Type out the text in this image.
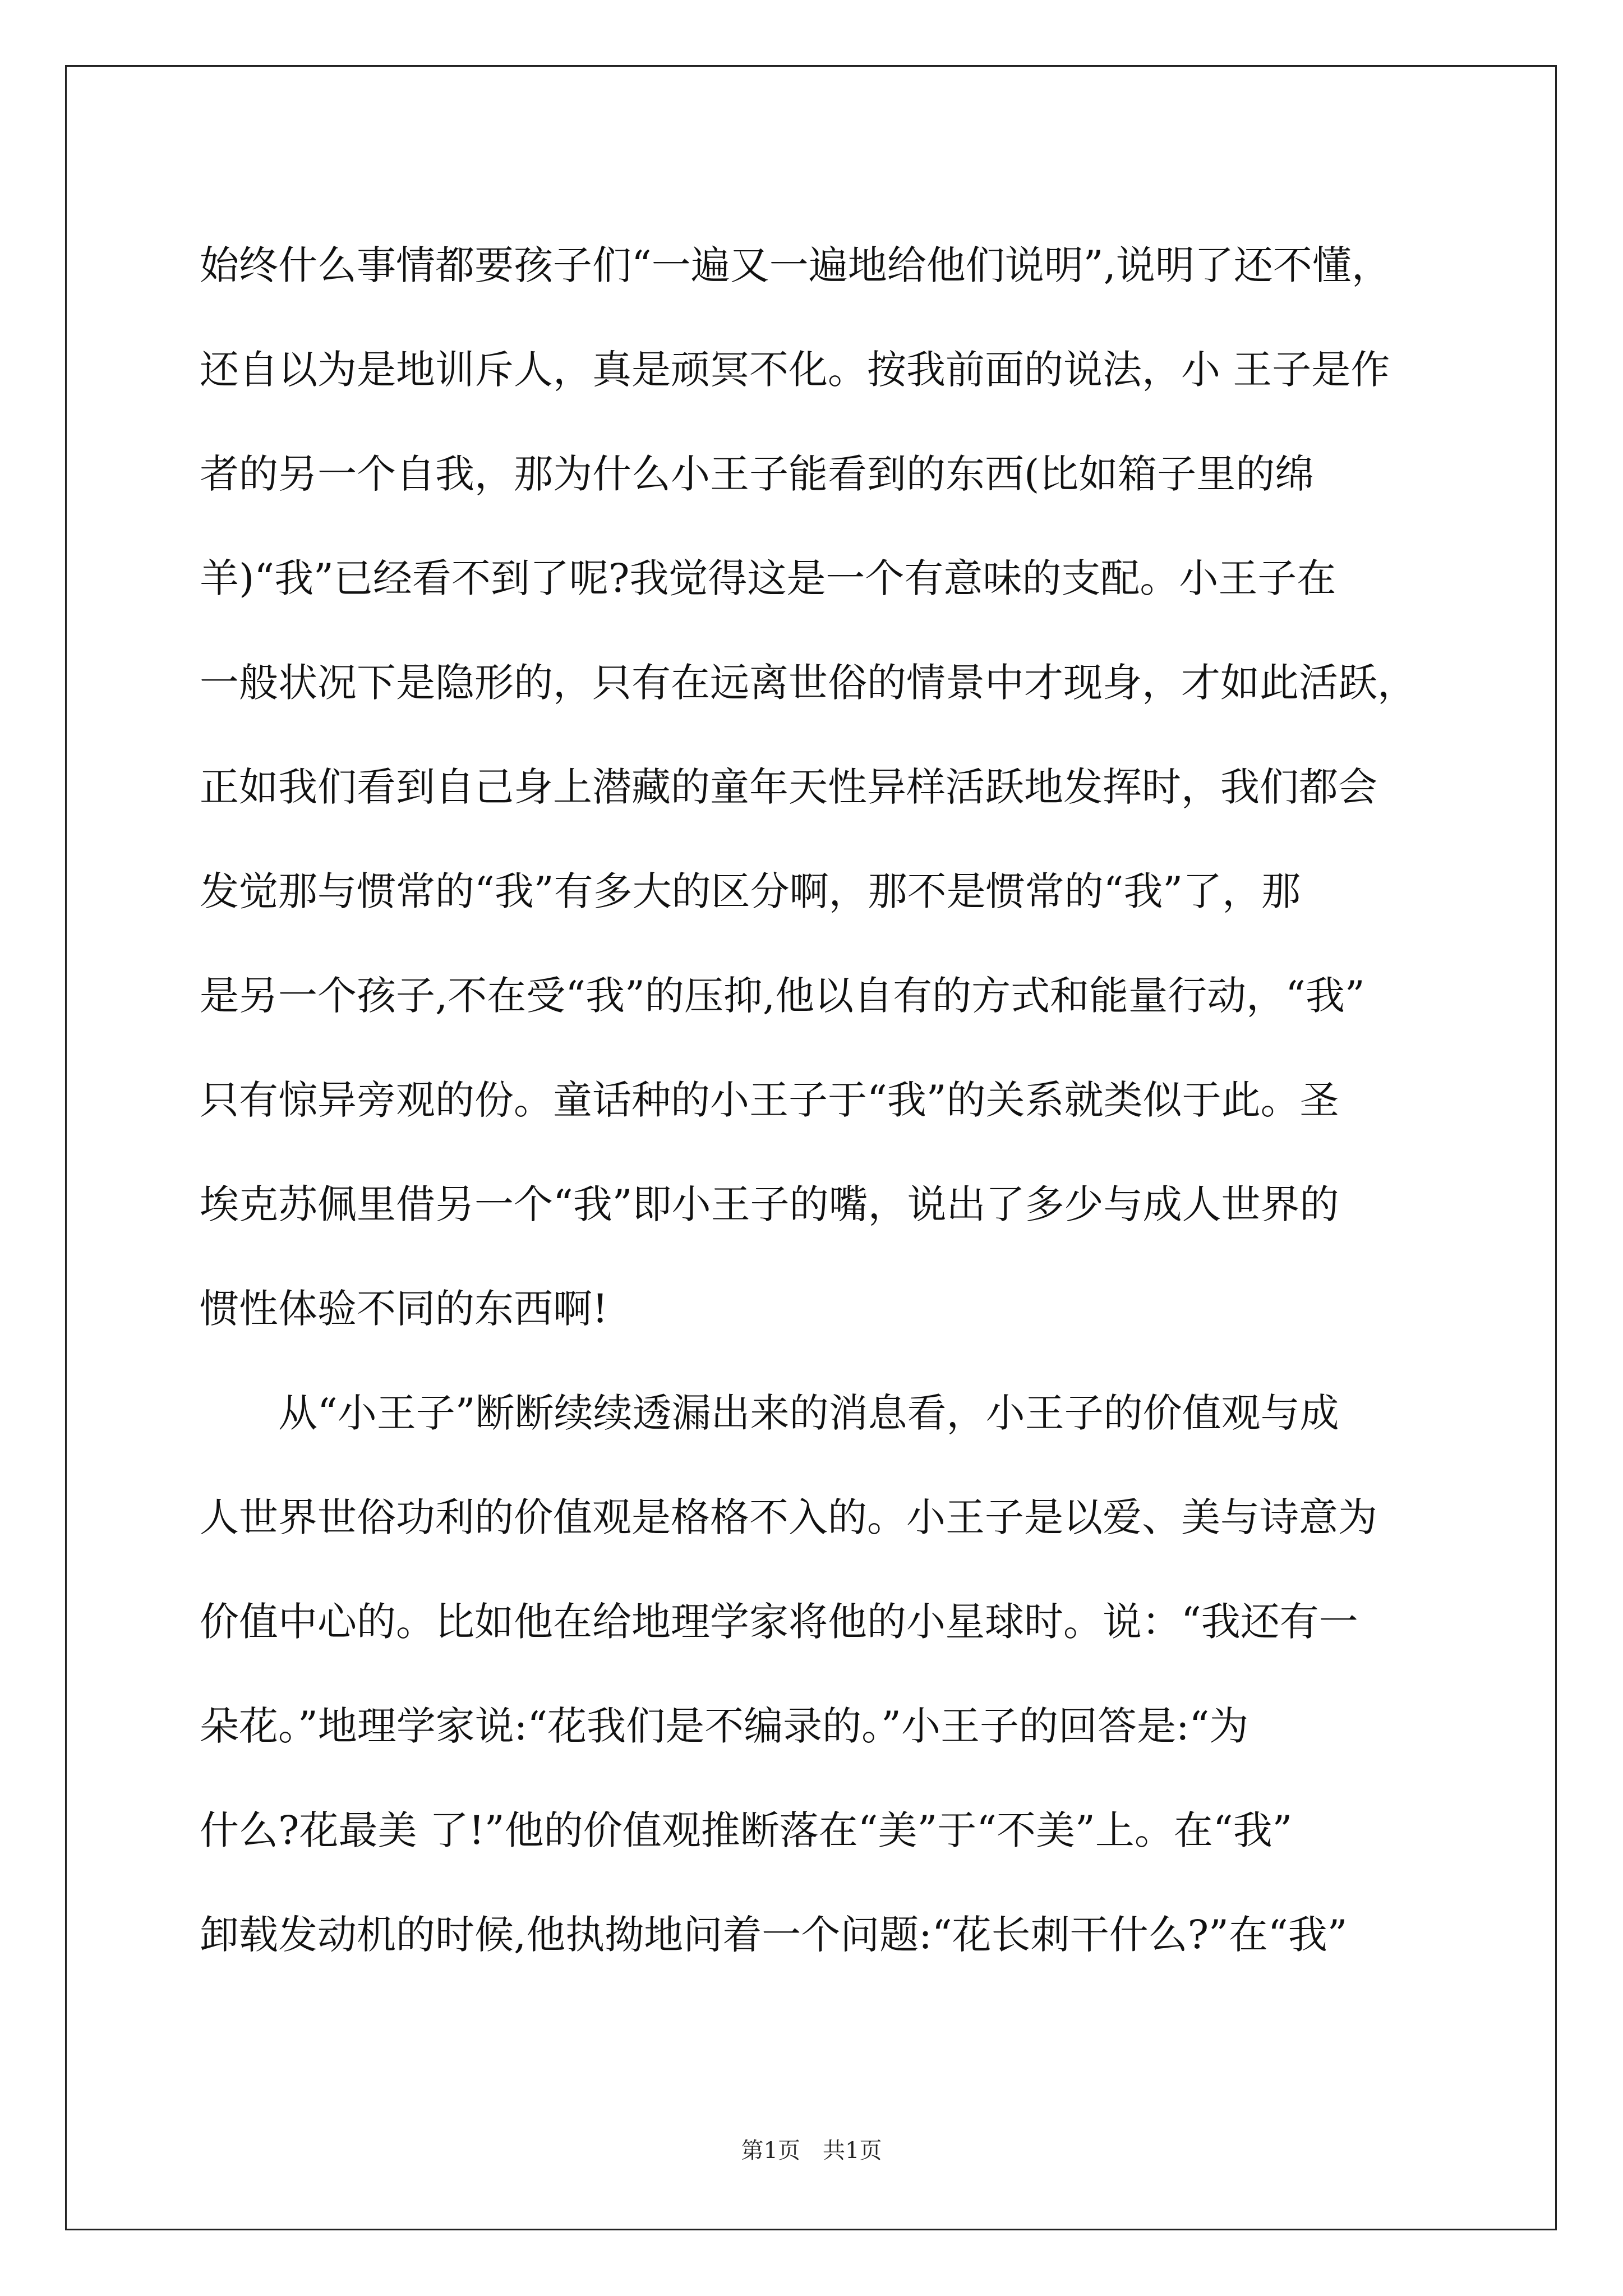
始终什么事情都要孩子们“一遍又一遍地给他们说明”,说明了还不懂，
还自以为是地训斥人，真是顽冥不化。按我前面的说法，小 王子是作
者的另一个自我，那为什么小王子能看到的东西(比如箱子里的绵
羊)“我”已经看不到了呢?我觉得这是一个有意味的支配。小王子在
一般状况下是隐形的，只有在远离世俗的情景中才现身，才如此活跃，
正如我们看到自己身上潜藏的童年天性异样活跃地发挥时，我们都会
发觉那与惯常的“我”有多大的区分啊，那不是惯常的“我”了，那
是另一个孩子,不在受“我”的压抑,他以自有的方式和能量行动，“我”
只有惊异旁观的份。童话种的小王子于“我”的关系就类似于此。圣
埃克苏佩里借另一个“我”即小王子的嘴，说出了多少与成人世界的
惯性体验不同的东西啊!
从“小王子”断断续续透漏出来的消息看，小王子的价值观与成
人世界世俗功利的价值观是格格不入的。小王子是以爱、美与诗意为
价值中心的。比如他在给地理学家将他的小星球时。说：“我还有一
朵花。”地理学家说:“花我们是不编录的。”小王子的回答是:“为
什么?花最美 了!”他的价值观推断落在“美”于“不美”上。在“我”
卸载发动机的时候,他执拗地问着一个问题:“花长刺干什么?”在“我”
第1页　共1页
